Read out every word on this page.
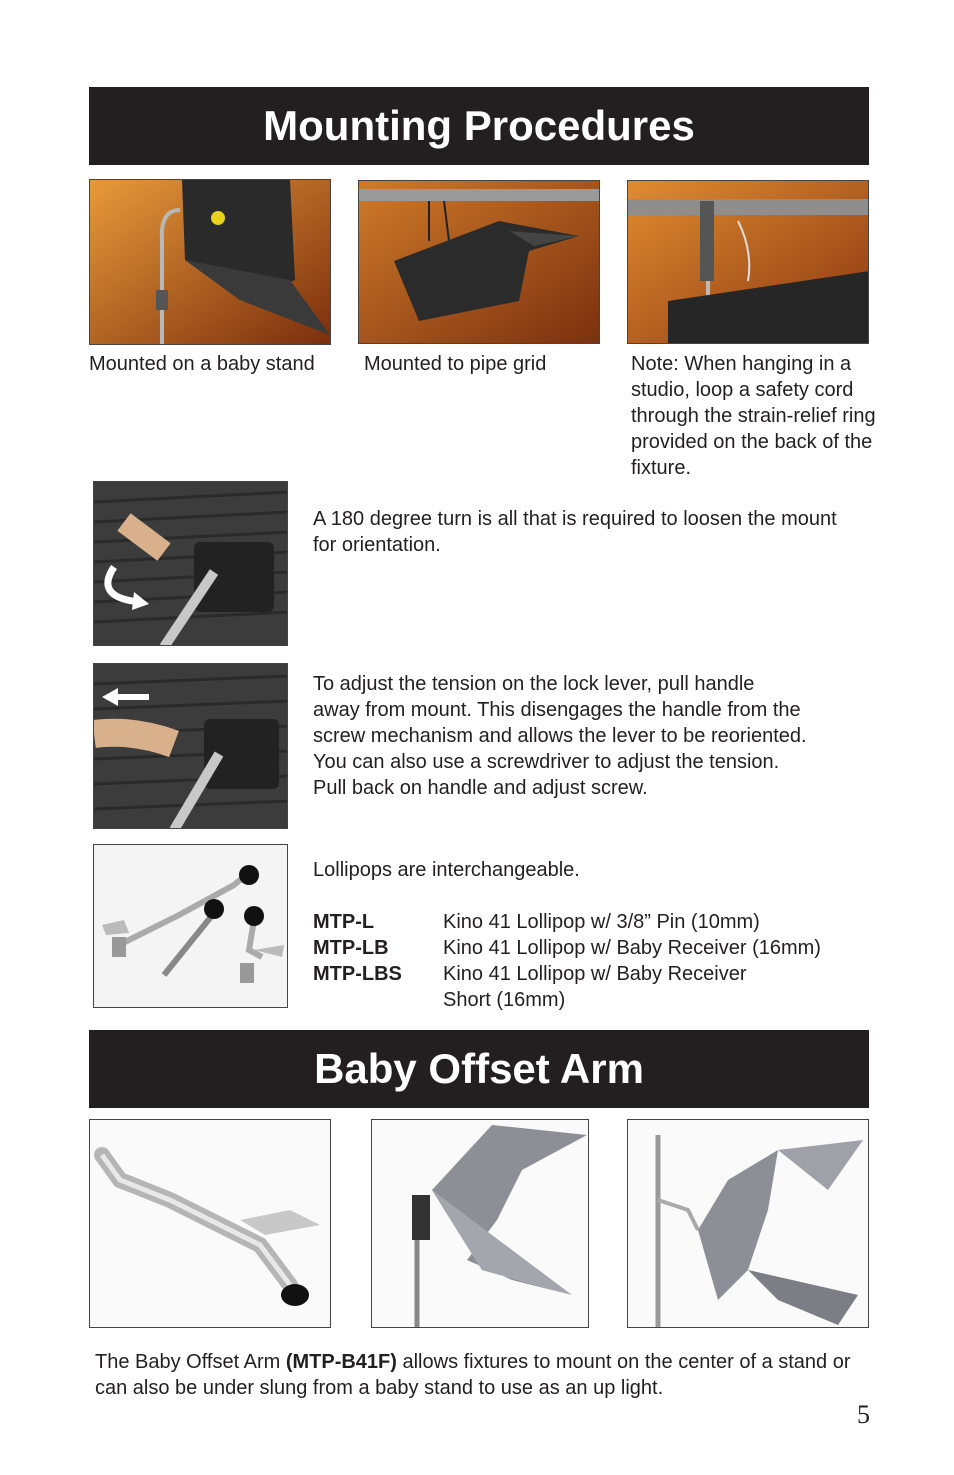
Mounting Procedures
Mounted on a baby stand	Mounted to pipe grid	Note: When hanging in a studio, loop a safety cord through the strain-relief ring provided on the back of the fixture.
A 180 degree turn is all that is required to loosen the mount for orientation.
To adjust the tension on the lock lever, pull handle
away from mount. This disengages the handle from the
screw mechanism and allows the lever to be reoriented.
You can also use a screwdriver to adjust the tension.
Pull back on handle and adjust screw.
Lollipops are interchangeable.
MTP-L	Kino 41 Lollipop w/ 3/8” Pin (10mm)
MTP-LB	Kino 41 Lollipop w/ Baby Receiver (16mm)
MTP-LBS	Kino 41 Lollipop w/ Baby Receiver
Short (16mm)
Baby Offset Arm
The Baby Offset Arm (MTP-B41F) allows fixtures to mount on the center of a stand or can also be under slung from a baby stand to use as an up light.
5
